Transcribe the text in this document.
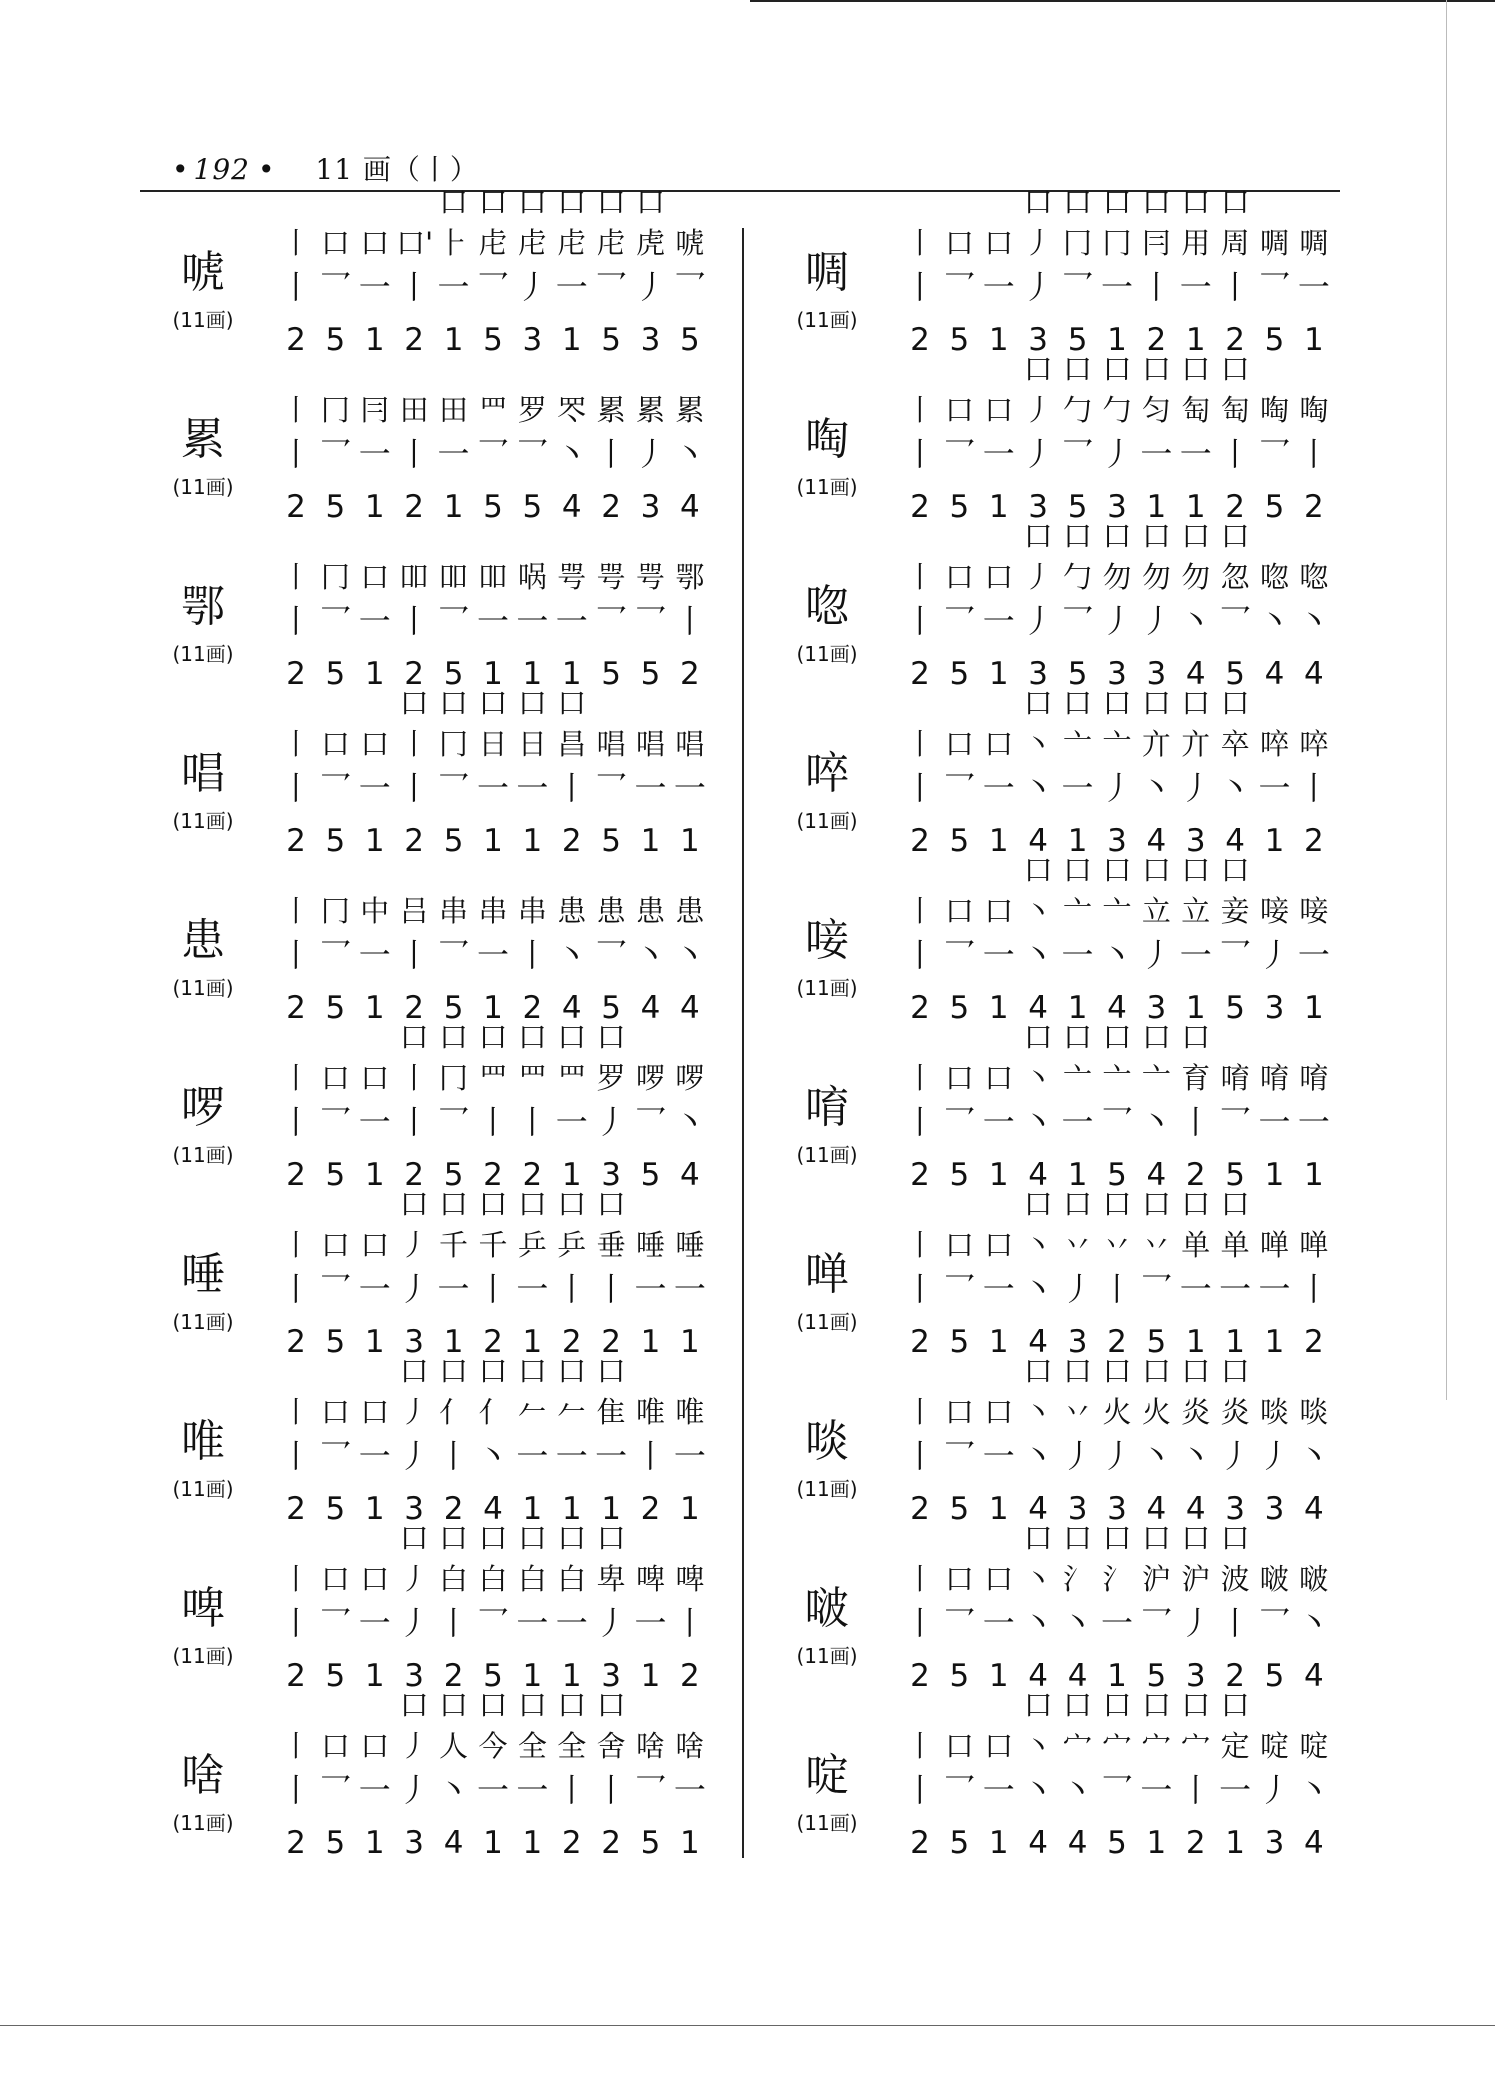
• 192 • 11 画（丨）
唬
(11画)
丨 口 口 口'
口⺊
口虍
口虍
口虍
口虍
口虎 唬
丨 乛 一 丨 一 乛 丿 一 乛 丿 乛
2 5 1 2 1 5 3 1 5 3 5
累
(11画)
丨 冂 冃 田 田 罒 罗 罖 累 累 累
丨 乛 一 丨 一 乛 乛 丶 丨 丿 丶
2 5 1 2 1 5 5 4 2 3 4
鄂
(11画)
丨 冂 口 吅 吅 吅 㖞 咢 咢 咢 鄂
丨 乛 一 丨 乛 一 一 一 乛 乛 丨
2 5 1 2 5 1 1 1 5 5 2
唱
(11画)
丨 口 口
口丨
口冂
口日
口日
口昌 唱 唱 唱
丨 乛 一 丨 乛 一 一 丨 乛 一 一
2 5 1 2 5 1 1 2 5 1 1
患
(11画)
丨 冂 中 吕 串 串 串 患 患 患 患
丨 乛 一 丨 乛 一 丨 丶 乛 丶 丶
2 5 1 2 5 1 2 4 5 4 4
啰
(11画)
丨 口 口
口丨
口冂
口罒
口罒
口罒
口罗 啰 啰
丨 乛 一 丨 乛 丨 丨 一 丿 乛 丶
2 5 1 2 5 2 2 1 3 5 4
唾
(11画)
丨 口 口
口丿
口千
口千
口乒
口乒
口垂 唾 唾
丨 乛 一 丿 一 丨 一 丨 丨 一 一
2 5 1 3 1 2 1 2 2 1 1
唯
(11画)
丨 口 口
口丿
口亻
口亻
口𠂉
口𠂉
口隹 唯 唯
丨 乛 一 丿 丨 丶 一 一 一 丨 一
2 5 1 3 2 4 1 1 1 2 1
啤
(11画)
丨 口 口
口丿
口白
口白
口白
口白
口卑 啤 啤
丨 乛 一 丿 丨 乛 一 一 丿 一 丨
2 5 1 3 2 5 1 1 3 1 2
啥
(11画)
丨 口 口
口丿
口人
口今
口全
口全
口舍 啥 啥
丨 乛 一 丿 丶 一 一 丨 丨 乛 一
2 5 1 3 4 1 1 2 2 5 1
啁
(11画)
丨 口 口
口丿
口冂
口冂
口冃
口用
口周 啁 啁
丨 乛 一 丿 乛 一 丨 一 丨 乛 一
2 5 1 3 5 1 2 1 2 5 1
啕
(11画)
丨 口 口
口丿
口勹
口勹
口匀
口匋
口匋 啕 啕
丨 乛 一 丿 乛 丿 一 一 丨 乛 丨
2 5 1 3 5 3 1 1 2 5 2
唿
(11画)
丨 口 口
口丿
口勹
口勿
口勿
口勿
口忽 唿 唿
丨 乛 一 丿 乛 丿 丿 丶 乛 丶 丶
2 5 1 3 5 3 3 4 5 4 4
啐
(11画)
丨 口 口
口丶
口亠
口亠
口亣
口亣
口卒 啐 啐
丨 乛 一 丶 一 丿 丶 丿 丶 一 丨
2 5 1 4 1 3 4 3 4 1 2
唼
(11画)
丨 口 口
口丶
口亠
口亠
口立
口立
口妾 唼 唼
丨 乛 一 丶 一 丶 丿 一 乛 丿 一
2 5 1 4 1 4 3 1 5 3 1
唷
(11画)
丨 口 口
口丶
口亠
口亠
口亠
口育 唷 唷 唷
丨 乛 一 丶 一 乛 丶 丨 乛 一 一
2 5 1 4 1 5 4 2 5 1 1
啴
(11画)
丨 口 口
口丶
口丷
口丷
口丷
口单
口单 啴 啴
丨 乛 一 丶 丿 丨 乛 一 一 一 丨
2 5 1 4 3 2 5 1 1 1 2
啖
(11画)
丨 口 口
口丶
口丷
口火
口火
口炎
口炎 啖 啖
丨 乛 一 丶 丿 丿 丶 丶 丿 丿 丶
2 5 1 4 3 3 4 4 3 3 4
啵
(11画)
丨 口 口
口丶
口氵
口氵
口沪
口沪
口波 啵 啵
丨 乛 一 丶 丶 一 乛 丿 丨 乛 丶
2 5 1 4 4 1 5 3 2 5 4
啶
(11画)
丨 口 口
口丶
口宀
口宀
口宀
口宀
口定 啶 啶
丨 乛 一 丶 丶 乛 一 丨 一 丿 丶
2 5 1 4 4 5 1 2 1 3 4
